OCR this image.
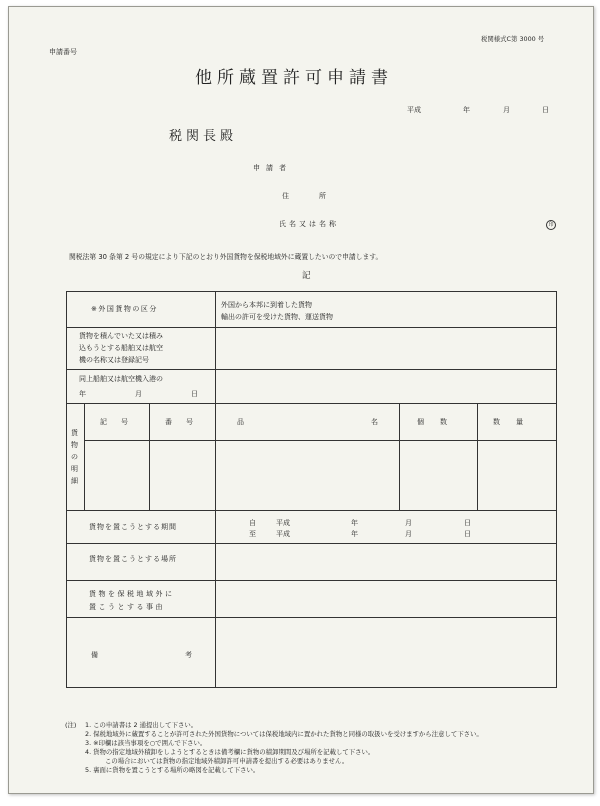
申請番号
税関様式C第 3000 号
他所蔵置許可申請書
平成	年	月	日
税関長殿
申請者
住所
氏名又は名称	印
関税法第 30 条第 2 号の規定により下記のとおり外国貨物を保税地域外に蔵置したいので申請します。
記
※外国貨物の区分	外国から本邦に到着した貨物
輸出の許可を受けた貨物、運送貨物
貨物を積んでいた又は積み
込もうとする船舶又は航空
機の名称又は登録記号
同上船舶又は航空機入港の
年	月	日
貨物の明細
記号	番号	品	名	個数	数量
貨物を置こうとする期間	自	平成	年	月	日
至	平成	年	月	日
貨物を置こうとする場所
貨物を保税地域外に
置こうとする事由
備	考
(注) 1. この申請書は 2 通提出して下さい。
2. 保税地域外に蔵置することが許可された外国貨物については保税地域内に置かれた貨物と同様の取扱いを受けますから注意して下さい。
3. ※印欄は該当事項を○で囲んで下さい。
4. 貨物の指定地域外積卸をしようとするときは備考欄に貨物の積卸期間及び場所を記載して下さい。
この場合においては貨物の指定地域外積卸許可申請書を提出する必要はありません。
5. 裏面に貨物を置こうとする場所の略図を記載して下さい。
